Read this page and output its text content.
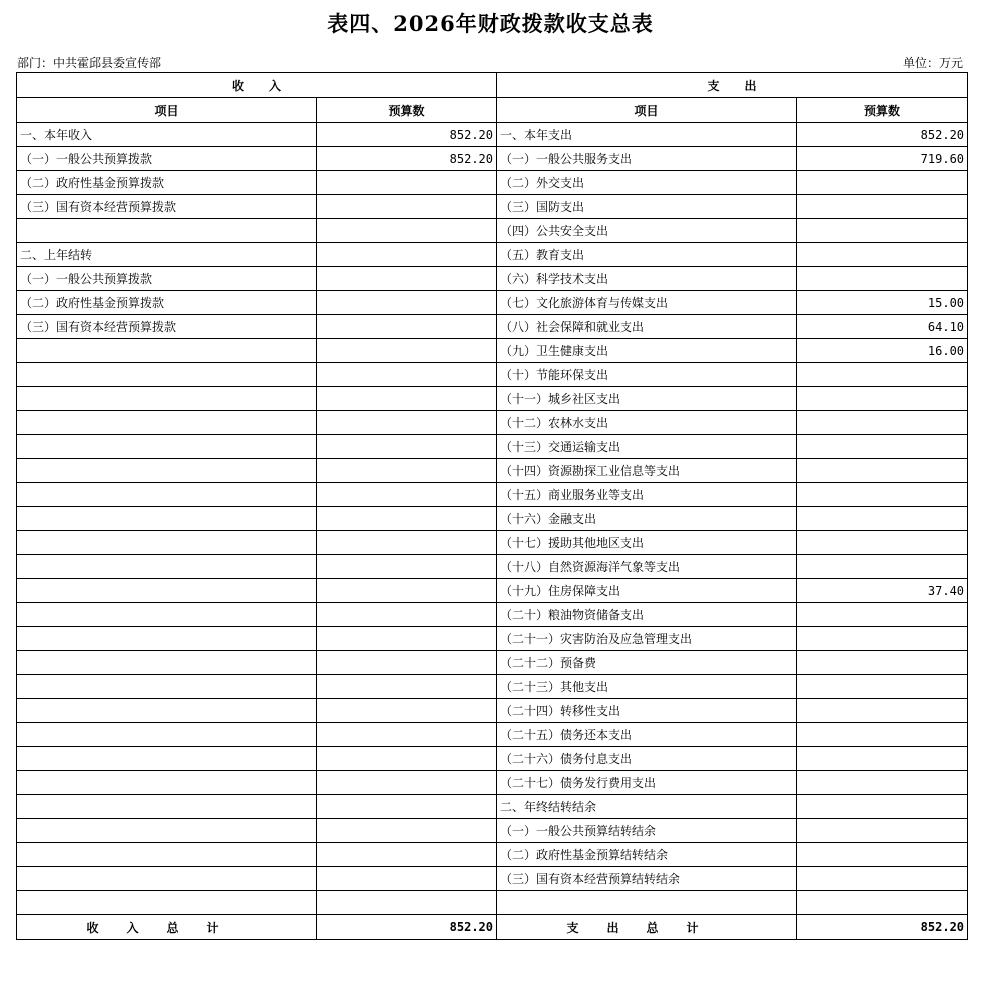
表四、2026年财政拨款收支总表
部门：中共霍邱县委宣传部	单位：万元
收      入		支      出	
项目	预算数	项目	预算数
一、本年收入	852.20	一、本年支出	852.20
（一）一般公共预算拨款	852.20	（一）一般公共服务支出	719.60
（二）政府性基金预算拨款		（二）外交支出	
（三）国有资本经营预算拨款		（三）国防支出	
		（四）公共安全支出	
二、上年结转		（五）教育支出	
（一）一般公共预算拨款		（六）科学技术支出	
（二）政府性基金预算拨款		（七）文化旅游体育与传媒支出	15.00
（三）国有资本经营预算拨款		（八）社会保障和就业支出	64.10
		（九）卫生健康支出	16.00
		（十）节能环保支出	
		（十一）城乡社区支出	
		（十二）农林水支出	
		（十三）交通运输支出	
		（十四）资源勘探工业信息等支出	
		（十五）商业服务业等支出	
		（十六）金融支出	
		（十七）援助其他地区支出	
		（十八）自然资源海洋气象等支出	
		（十九）住房保障支出	37.40
		（二十）粮油物资储备支出	
		（二十一）灾害防治及应急管理支出	
		（二十二）预备费	
		（二十三）其他支出	
		（二十四）转移性支出	
		（二十五）债务还本支出	
		（二十六）债务付息支出	
		（二十七）债务发行费用支出	
		二、年终结转结余	
		（一）一般公共预算结转结余	
		（二）政府性基金预算结转结余	
		（三）国有资本经营预算结转结余	

收入总计	852.20	支出总计	852.20
